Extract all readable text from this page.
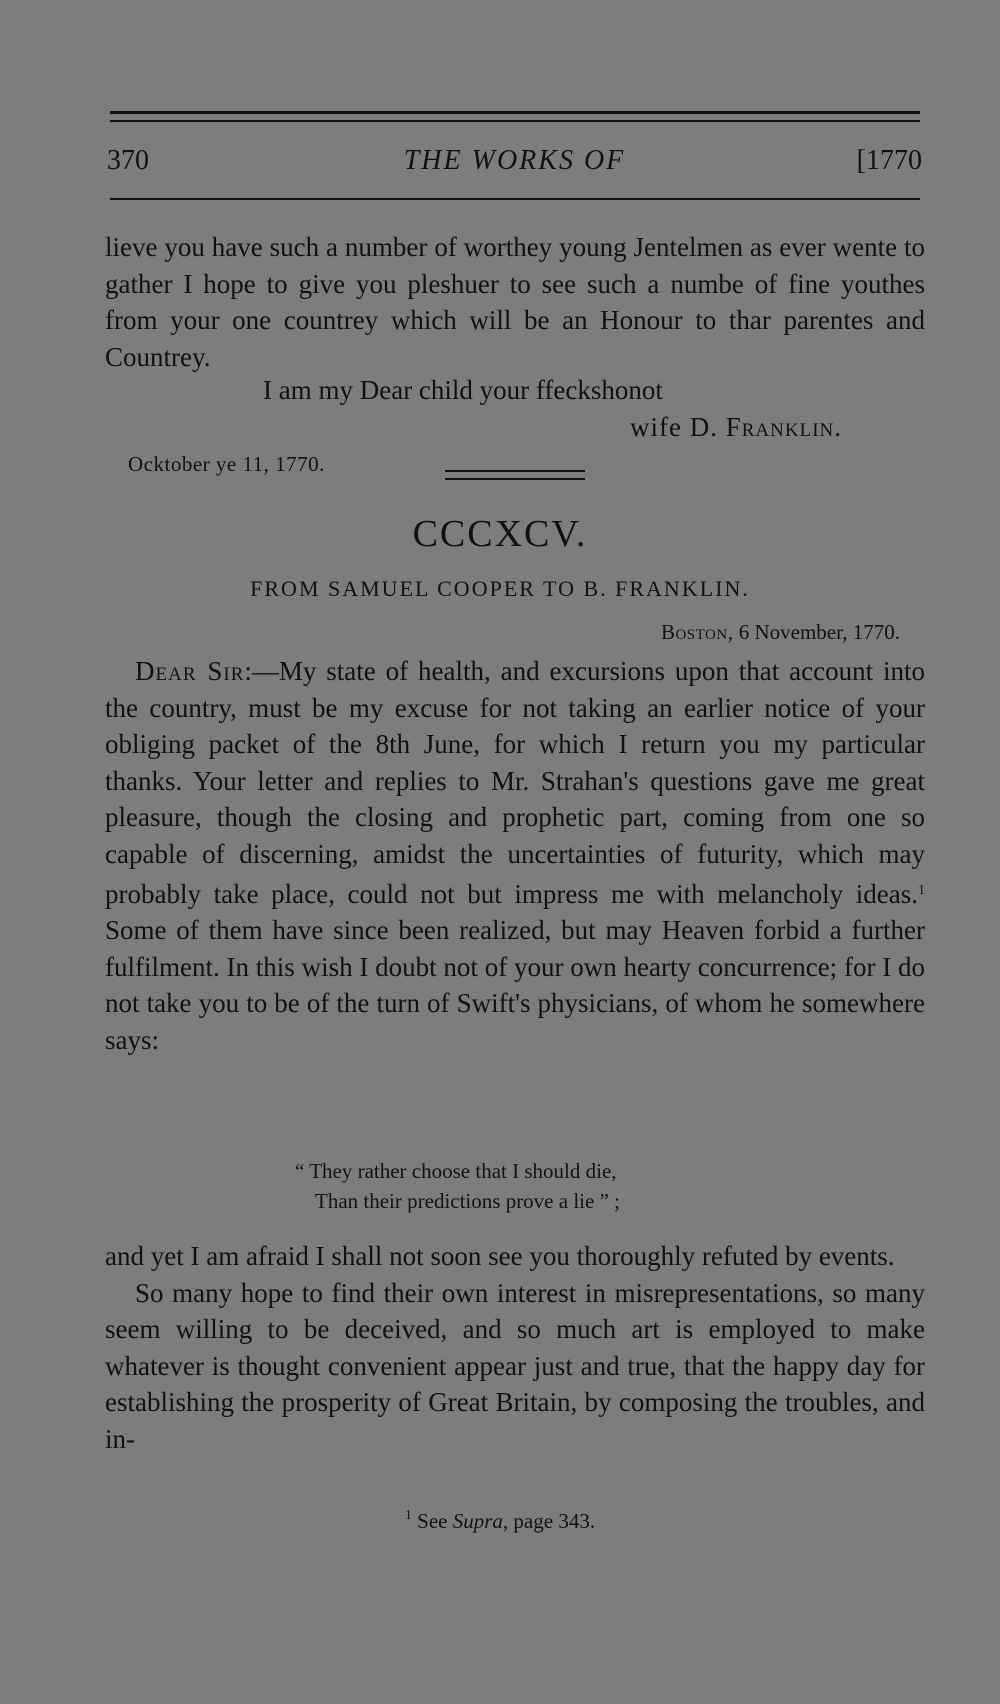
370	THE WORKS OF	[1770

lieve you have such a number of worthey young Jentelmen as ever wente to gather I hope to give you pleshuer to see such a numbe of fine youthes from your one countrey which will be an Honour to thar parentes and Countrey.

I am my Dear child your ffeckshonot
wife D. Franklin.
Ocktober ye 11, 1770.
CCCXCV.
FROM SAMUEL COOPER TO B. FRANKLIN.
Boston, 6 November, 1770.

Dear Sir:—My state of health, and excursions upon that account into the country, must be my excuse for not taking an earlier notice of your obliging packet of the 8th June, for which I return you my particular thanks. Your letter and replies to Mr. Strahan's questions gave me great pleasure, though the closing and prophetic part, coming from one so capable of discerning, amidst the uncertainties of futurity, which may probably take place, could not but impress me with melancholy ideas.$^1$ Some of them have since been realized, but may Heaven forbid a further fulfilment. In this wish I doubt not of your own hearty concurrence; for I do not take you to be of the turn of Swift's physicians, of whom he somewhere says:

“ They rather choose that I should die,
Than their predictions prove a lie ” ;

and yet I am afraid I shall not soon see you thoroughly refuted by events.

So many hope to find their own interest in misrepresentations, so many seem willing to be deceived, and so much art is employed to make whatever is thought convenient appear just and true, that the happy day for establishing the prosperity of Great Britain, by composing the troubles, and in-

$^1$ See Supra, page 343.
